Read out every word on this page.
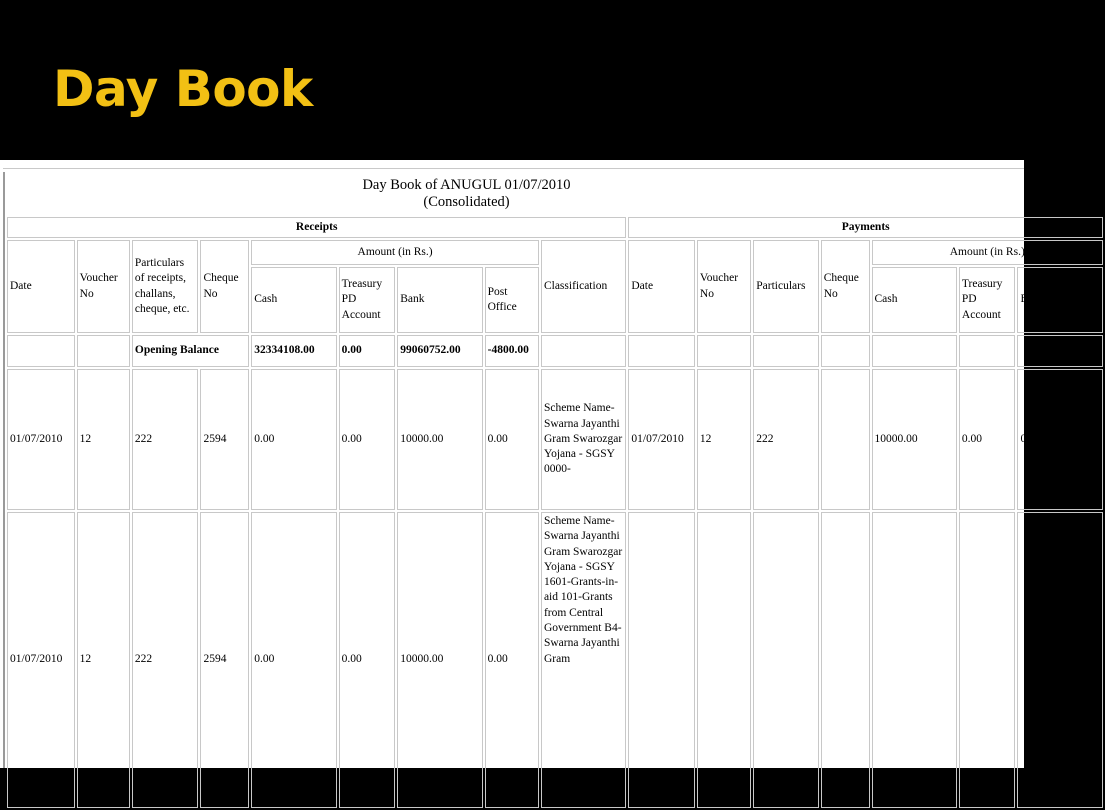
Day Book
Day Book of ANUGUL 01/07/2010
(Consolidated)
Receipts									Payments						
Date	Voucher No	Particulars of receipts, challans, cheque, etc.	Cheque No	Amount (in Rs.)				Classification	Date	Voucher No	Particulars	Cheque No	Amount (in Rs.)		
				Cash	Treasury PD Account	Bank	Post Office						Cash	Treasury PD Account	Bank
		Opening Balance		32334108.00	0.00	99060752.00	-4800.00								
01/07/2010	12	222	2594	0.00	0.00	10000.00	0.00	Scheme Name-Swarna Jayanthi Gram Swarozgar Yojana - SGSY 0000-	01/07/2010	12	222		10000.00	0.00	0.00
01/07/2010	12	222	2594	0.00	0.00	10000.00	0.00	Scheme Name-Swarna Jayanthi Gram Swarozgar Yojana - SGSY 1601-Grants-in-aid 101-Grants from Central Government B4-Swarna Jayanthi Gram							
